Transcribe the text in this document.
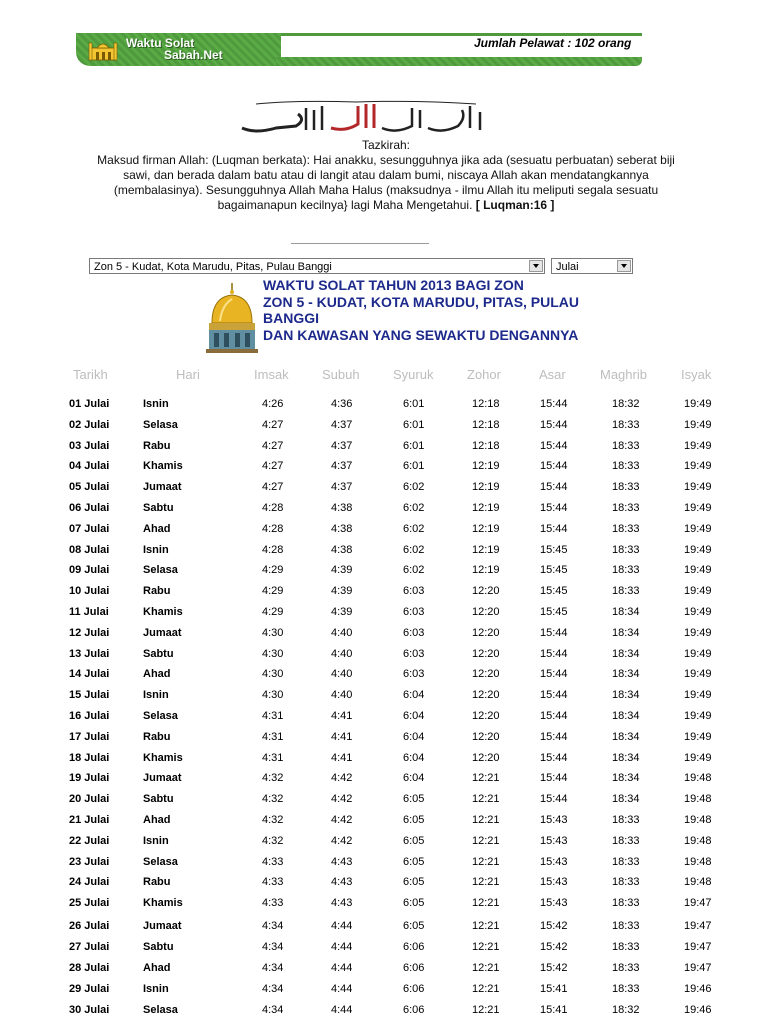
Waktu Solat
Sabah.Net
Jumlah Pelawat : 102 orang
Tazkirah:
Maksud firman Allah: (Luqman berkata): Hai anakku, sesungguhnya jika ada (sesuatu perbuatan) seberat biji sawi, dan berada dalam batu atau di langit atau dalam bumi, niscaya Allah akan mendatangkannya (membalasinya). Sesungguhnya Allah Maha Halus (maksudnya - ilmu Allah itu meliputi segala sesuatu bagaimanapun kecilnya} lagi Maha Mengetahui. [ Luqman:16 ]
Zon 5 - Kudat, Kota Marudu, Pitas, Pulau Banggi	Julai
WAKTU SOLAT TAHUN 2013 BAGI ZON
ZON 5 - KUDAT, KOTA MARUDU, PITAS, PULAU
BANGGI
DAN KAWASAN YANG SEWAKTU DENGANNYA
Tarikh	Hari	Imsak	Subuh	Syuruk	Zohor	Asar	Maghrib	Isyak
01 Julai	Isnin	4:26	4:36	6:01	12:18	15:44	18:32	19:49
02 Julai	Selasa	4:27	4:37	6:01	12:18	15:44	18:33	19:49
03 Julai	Rabu	4:27	4:37	6:01	12:18	15:44	18:33	19:49
04 Julai	Khamis	4:27	4:37	6:01	12:19	15:44	18:33	19:49
05 Julai	Jumaat	4:27	4:37	6:02	12:19	15:44	18:33	19:49
06 Julai	Sabtu	4:28	4:38	6:02	12:19	15:44	18:33	19:49
07 Julai	Ahad	4:28	4:38	6:02	12:19	15:44	18:33	19:49
08 Julai	Isnin	4:28	4:38	6:02	12:19	15:45	18:33	19:49
09 Julai	Selasa	4:29	4:39	6:02	12:19	15:45	18:33	19:49
10 Julai	Rabu	4:29	4:39	6:03	12:20	15:45	18:33	19:49
11 Julai	Khamis	4:29	4:39	6:03	12:20	15:45	18:34	19:49
12 Julai	Jumaat	4:30	4:40	6:03	12:20	15:44	18:34	19:49
13 Julai	Sabtu	4:30	4:40	6:03	12:20	15:44	18:34	19:49
14 Julai	Ahad	4:30	4:40	6:03	12:20	15:44	18:34	19:49
15 Julai	Isnin	4:30	4:40	6:04	12:20	15:44	18:34	19:49
16 Julai	Selasa	4:31	4:41	6:04	12:20	15:44	18:34	19:49
17 Julai	Rabu	4:31	4:41	6:04	12:20	15:44	18:34	19:49
18 Julai	Khamis	4:31	4:41	6:04	12:20	15:44	18:34	19:49
19 Julai	Jumaat	4:32	4:42	6:04	12:21	15:44	18:34	19:48
20 Julai	Sabtu	4:32	4:42	6:05	12:21	15:44	18:34	19:48
21 Julai	Ahad	4:32	4:42	6:05	12:21	15:43	18:33	19:48
22 Julai	Isnin	4:32	4:42	6:05	12:21	15:43	18:33	19:48
23 Julai	Selasa	4:33	4:43	6:05	12:21	15:43	18:33	19:48
24 Julai	Rabu	4:33	4:43	6:05	12:21	15:43	18:33	19:48
25 Julai	Khamis	4:33	4:43	6:05	12:21	15:43	18:33	19:47
26 Julai	Jumaat	4:34	4:44	6:05	12:21	15:42	18:33	19:47
27 Julai	Sabtu	4:34	4:44	6:06	12:21	15:42	18:33	19:47
28 Julai	Ahad	4:34	4:44	6:06	12:21	15:42	18:33	19:47
29 Julai	Isnin	4:34	4:44	6:06	12:21	15:41	18:33	19:46
30 Julai	Selasa	4:34	4:44	6:06	12:21	15:41	18:32	19:46
